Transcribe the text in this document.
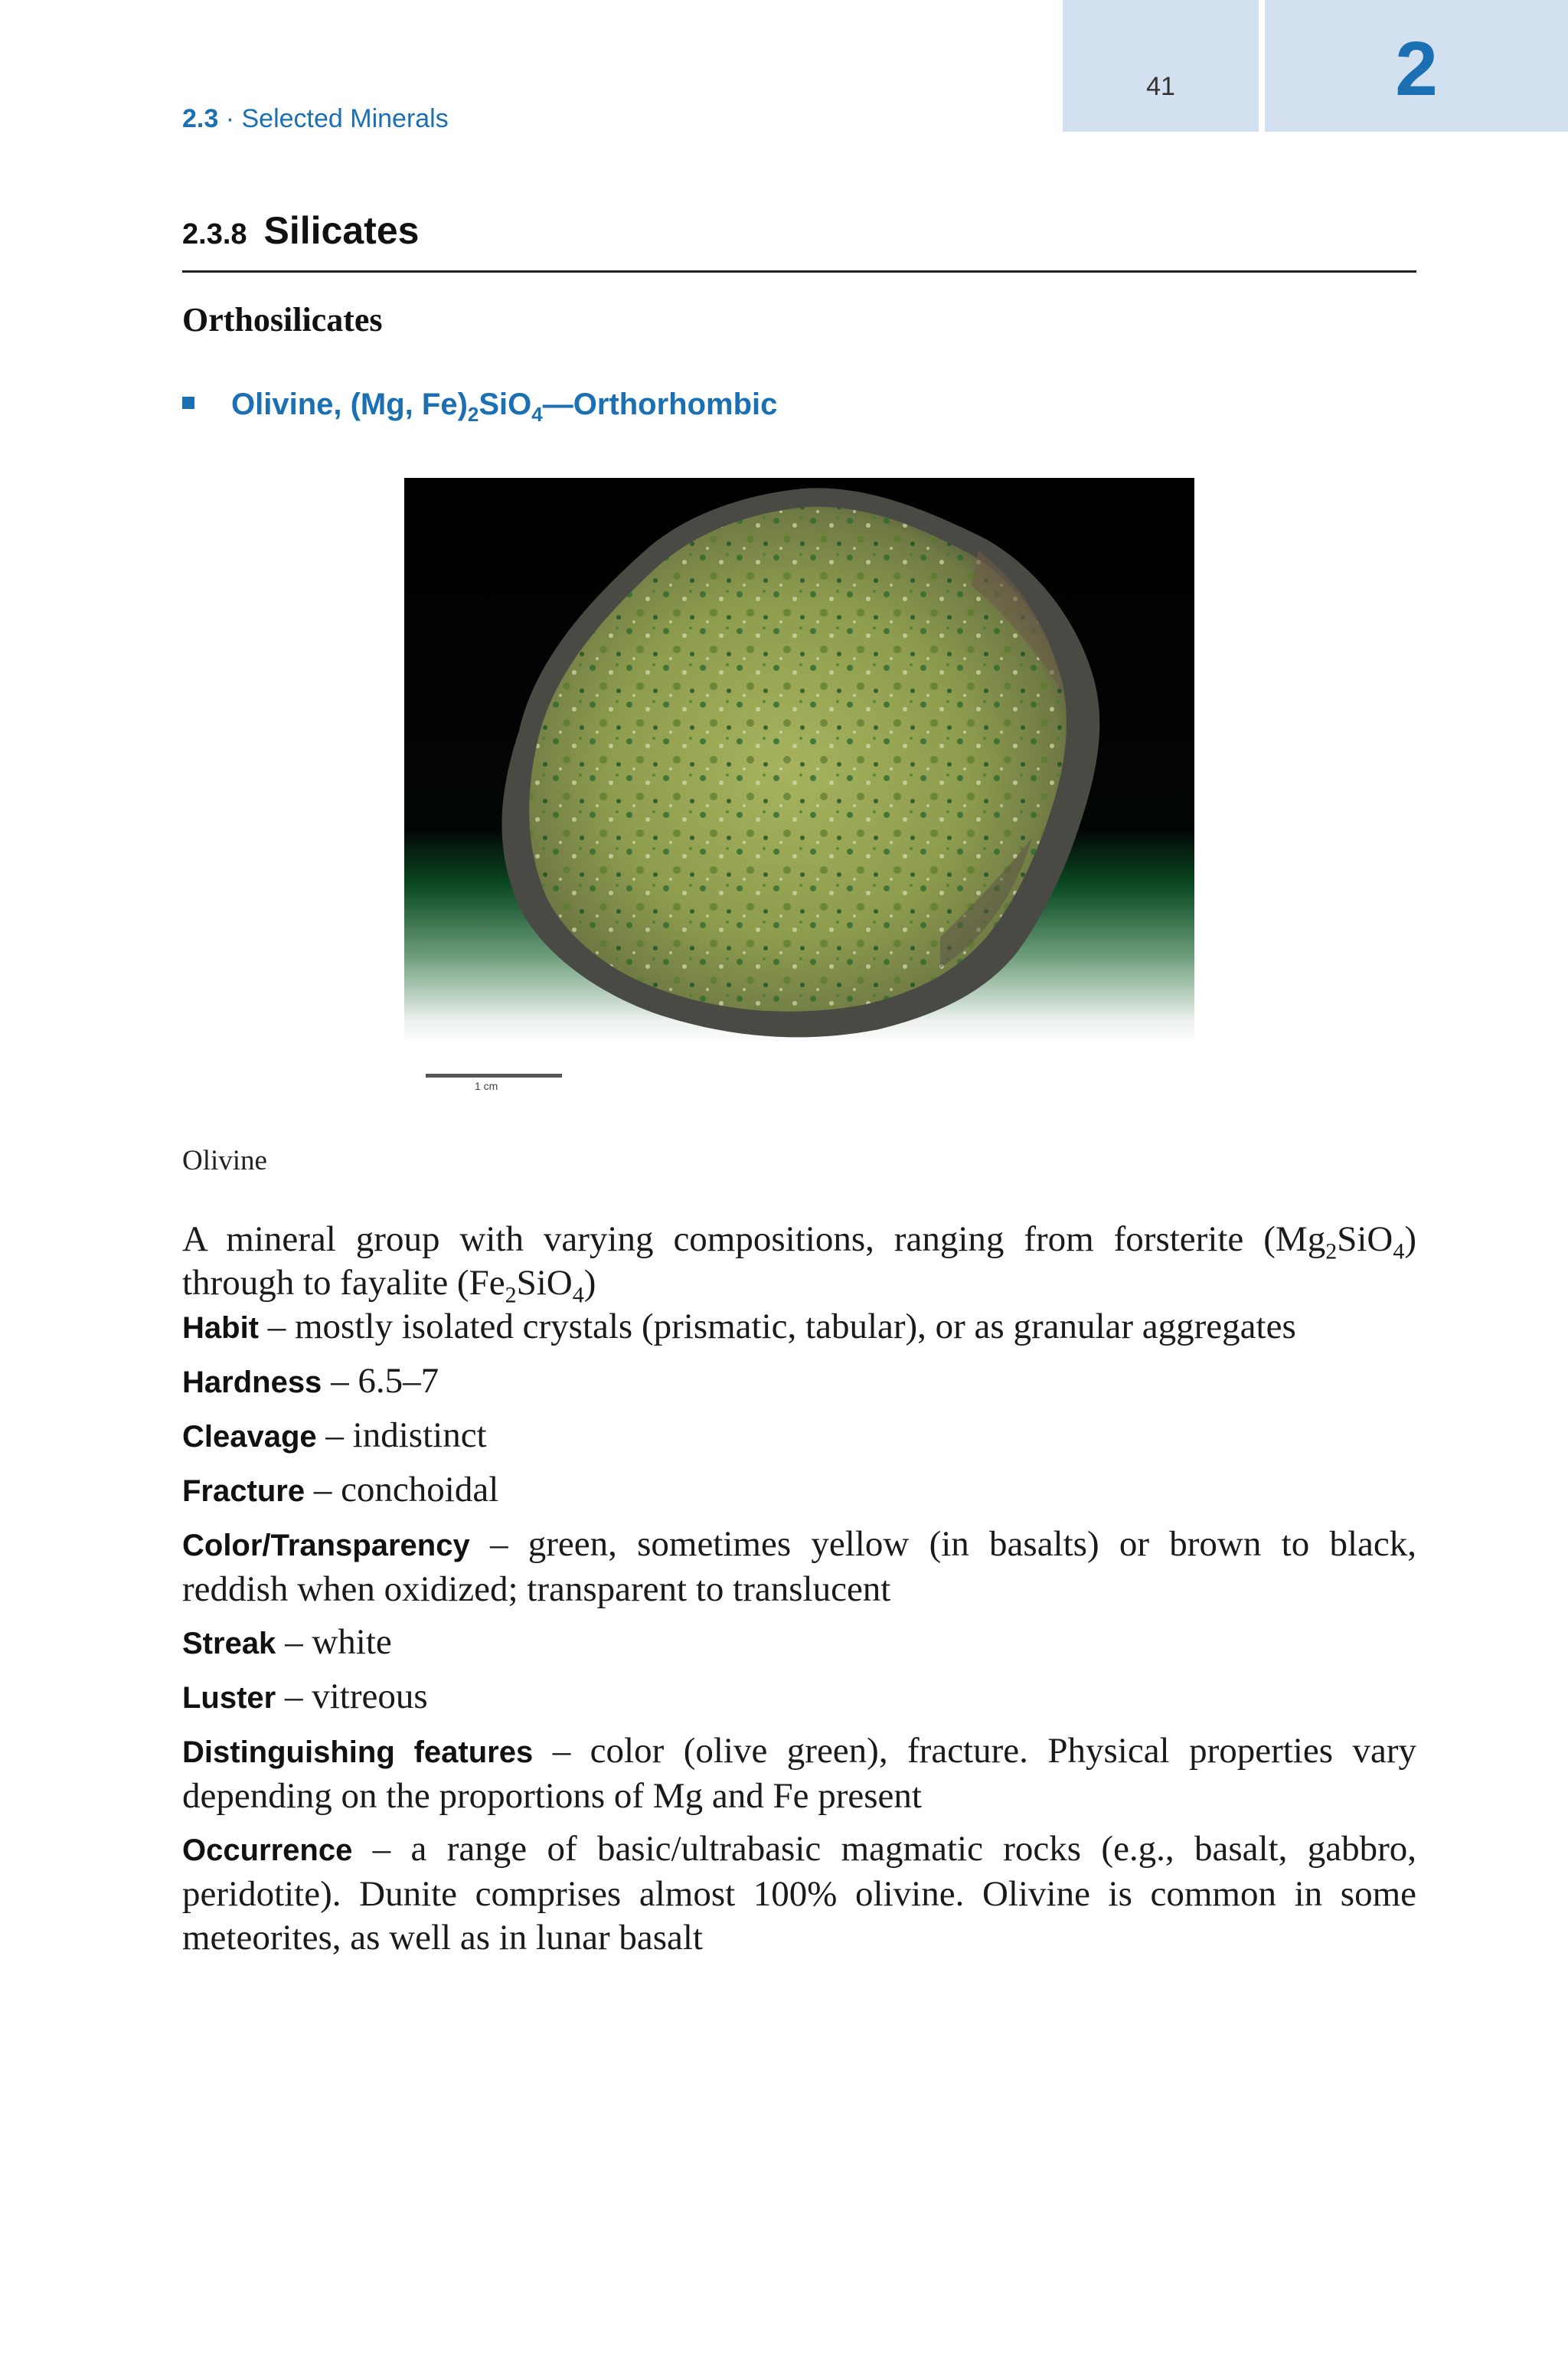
41	2
2.3 · Selected Minerals
2.3.8 Silicates
Orthosilicates
Olivine, (Mg, $Fe)_2SiO_4—Orthorhombic$
1 cm
Olivine

A mineral group with varying compositions, ranging from forsterite $(Mg_2SiO_4)$ through to fayalite $(Fe_2SiO_4)$

Habit – mostly isolated crystals (prismatic, tabular), or as granular aggregates

Hardness – 6.5–7

Cleavage – indistinct

Fracture – conchoidal

Color/Transparency – green, sometimes yellow (in basalts) or brown to black, reddish when oxidized; transparent to translucent

Streak – white

Luster – vitreous

Distinguishing features – color (olive green), fracture. Physical properties vary depending on the proportions of Mg and Fe present

Occurrence – a range of basic/ultrabasic magmatic rocks (e.g., basalt, gabbro, peridotite). Dunite comprises almost 100% olivine. Olivine is common in some meteorites, as well as in lunar basalt
